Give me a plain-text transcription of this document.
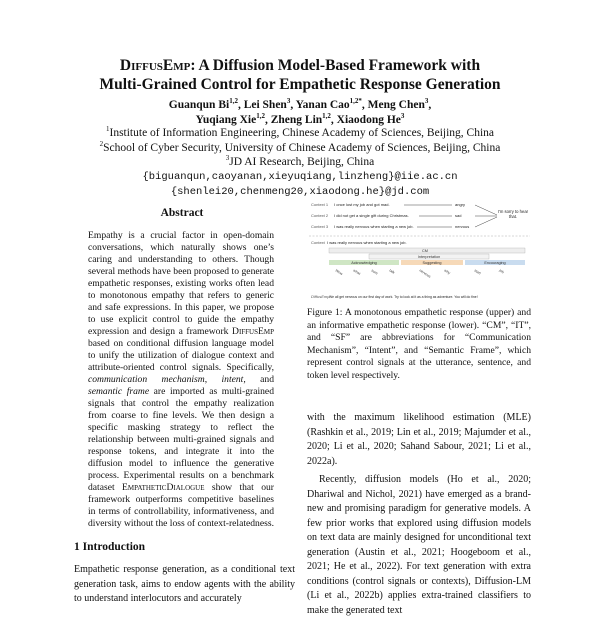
DiffusEmp: A Diffusion Model-Based Framework with
Multi-Grained Control for Empathetic Response Generation
Guanqun Bi$^{1,2}$, Lei Shen$^3$, Yanan Cao$^{1,2*}$, Meng Chen$^3$,
Yuqiang Xie$^{1,2}$, Zheng Lin$^{1,2}$, Xiaodong He$^3$
$^1$Institute of Information Engineering, Chinese Academy of Sciences, Beijing, China
$^2$School of Cyber Security, University of Chinese Academy of Sciences, Beijing, China
$^3$JD AI Research, Beijing, China
{biguanqun,caoyanan,xieyuqiang,linzheng}@iie.ac.cn
{shenlei20,chenmeng20,xiaodong.he}@jd.com
Abstract

Empathy is a crucial factor in open-domain conversations, which naturally shows one’s caring and understanding to others. Though several methods have been proposed to generate empathetic responses, existing works often lead to monotonous empathy that refers to generic and safe expressions. In this paper, we propose to use explicit control to guide the empathy expression and design a framework DiffusEmp based on conditional diffusion language model to unify the utilization of dialogue context and attribute-oriented control signals. Specifically, communication mechanism, intent, and semantic frame are imported as multi-grained signals that control the empathy realization from coarse to fine levels. We then design a specific masking strategy to reflect the relationship between multi-grained signals and response tokens, and integrate it into the diffusion model to influence the generative process. Experimental results on a benchmark dataset EmpatheticDialogue show that our framework outperforms competitive baselines in terms of controllability, informativeness, and diversity without the loss of context-relatedness.

1 Introduction

Empathetic response generation, as a conditional text generation task, aims to endow agents with the ability to understand interlocutors and accurately

Context 1 I once lost my job and got mad.	angry
Context 2 I did not get a single gift during Christmas.	sad
Context 3 I was really nervous when starting a new job.	nervous
I'm sorry to hear that.
Context I was really nervous when starting a new job.
CM
Interpretation
Acknowledging	Suggesting	Encouraging
Wow	what	sure	talk	nervous	why	start	job
DiffusEmp We all get nervous on our first day of work. Try to look at it as a thing as adventure. You will do fine!

Figure 1: A monotonous empathetic response (upper) and an informative empathetic response (lower). “CM”, “IT”, and “SF” are abbreviations for “Communication Mechanism”, “Intent”, and “Semantic Frame”, which represent control signals at the utterance, sentence, and token level respectively.

with the maximum likelihood estimation (MLE) (Rashkin et al., 2019; Lin et al., 2019; Majumder et al., 2020; Li et al., 2020; Sahand Sabour, 2021; Li et al., 2022a).

Recently, diffusion models (Ho et al., 2020; Dhariwal and Nichol, 2021) have emerged as a brand-new and promising paradigm for generative models. A few prior works that explored using diffusion models on text data are mainly designed for unconditional text generation (Austin et al., 2021; Hoogeboom et al., 2021; He et al., 2022). For text generation with extra conditions (control signals or contexts), Diffusion-LM (Li et al., 2022b) applies extra-trained classifiers to make the generated text
